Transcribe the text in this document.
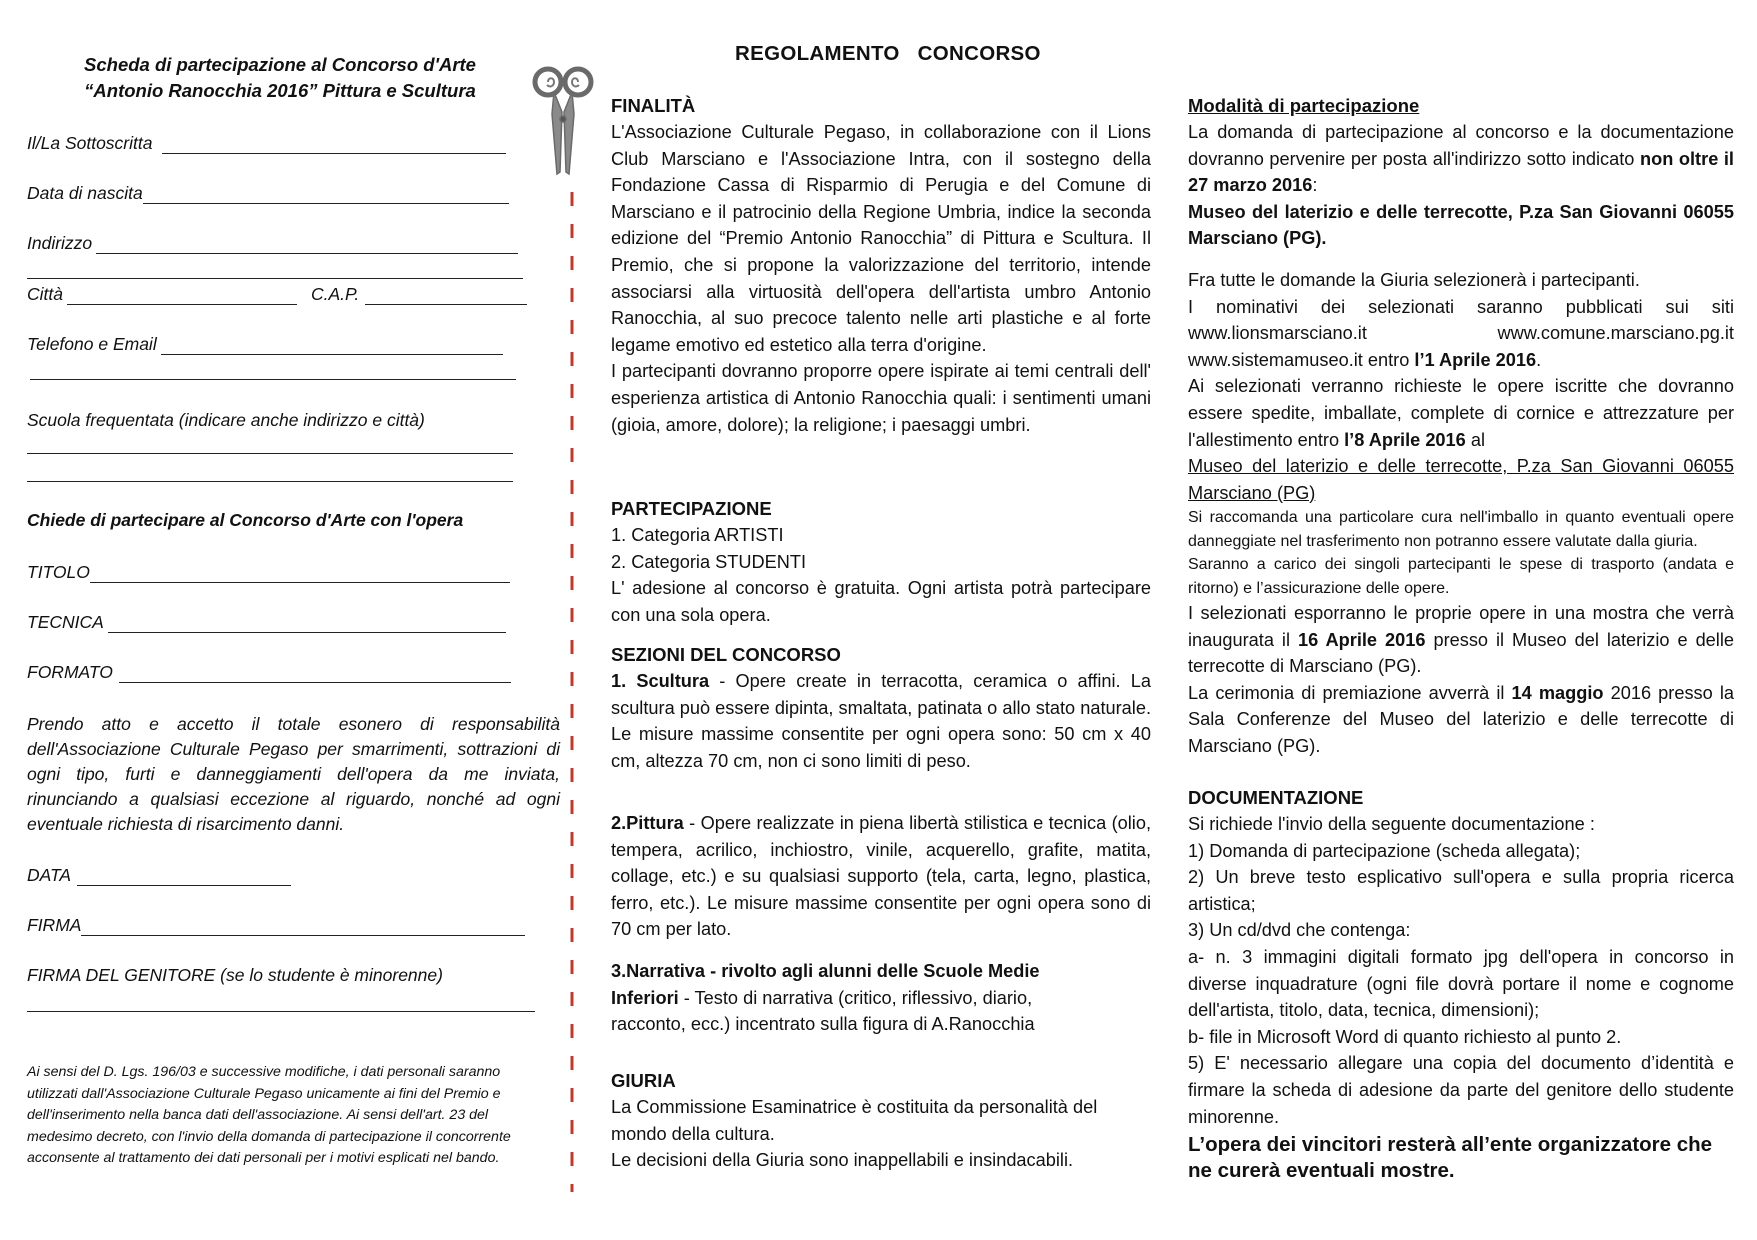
Scheda di partecipazione al Concorso d'Arte
“Antonio Ranocchia 2016” Pittura e Scultura
Il/La Sottoscritta
Data di nascita
Indirizzo
Città	C.A.P.
Telefono e Email
Scuola frequentata (indicare anche indirizzo e città)
Chiede di partecipare al Concorso d'Arte con l'opera
TITOLO
TECNICA
FORMATO
Prendo atto e accetto il totale esonero di responsabilità dell'Associazione Culturale Pegaso per smarrimenti, sottrazioni di ogni tipo, furti e danneggiamenti dell'opera da me inviata, rinunciando a qualsiasi eccezione al riguardo, nonché ad ogni eventuale richiesta di risarcimento danni.
DATA
FIRMA
FIRMA DEL GENITORE (se lo studente è minorenne)
Ai sensi del D. Lgs. 196/03 e successive modifiche, i dati personali saranno utilizzati dall'Associazione Culturale Pegaso unicamente ai fini del Premio e dell'inserimento nella banca dati dell'associazione. Ai sensi dell'art. 23 del medesimo decreto, con l'invio della domanda di partecipazione il concorrente acconsente al trattamento dei dati personali per i motivi esplicati nel bando.
REGOLAMENTO   CONCORSO

FINALITÀ

L'Associazione Culturale Pegaso, in collaborazione con il Lions Club Marsciano e l'Associazione Intra, con il sostegno della Fondazione Cassa di Risparmio di Perugia e del Comune di Marsciano e il patrocinio della Regione Umbria, indice la seconda edizione del “Premio Antonio Ranocchia” di Pittura e Scultura. Il Premio, che si propone la valorizzazione del territorio, intende associarsi alla virtuosità dell'opera dell'artista umbro Antonio Ranocchia, al suo precoce talento nelle arti plastiche e al forte legame emotivo ed estetico alla terra d'origine.

I partecipanti dovranno proporre opere ispirate ai temi centrali dell' esperienza artistica di Antonio Ranocchia quali: i sentimenti umani (gioia, amore, dolore); la religione; i paesaggi umbri.

PARTECIPAZIONE

1. Categoria ARTISTI

2. Categoria STUDENTI

L' adesione al concorso è gratuita. Ogni artista potrà partecipare con una sola opera.

SEZIONI DEL CONCORSO

1. Scultura - Opere create in terracotta, ceramica o affini. La scultura può essere dipinta, smaltata, patinata o allo stato naturale. Le misure massime consentite per ogni opera sono: 50 cm x 40 cm, altezza 70 cm, non ci sono limiti di peso.

2.Pittura - Opere realizzate in piena libertà stilistica e tecnica (olio, tempera, acrilico, inchiostro, vinile, acquerello, grafite, matita, collage, etc.) e su qualsiasi supporto (tela, carta, legno, plastica, ferro, etc.). Le misure massime consentite per ogni opera sono di 70 cm per lato.

3.Narrativa - rivolto agli alunni delle Scuole Medie Inferiori - Testo di narrativa (critico, riflessivo, diario, racconto, ecc.) incentrato sulla figura di A.Ranocchia

GIURIA

La Commissione Esaminatrice è costituita da personalità del mondo della cultura.

Le decisioni della Giuria sono inappellabili e insindacabili.

Modalità di partecipazione

La domanda di partecipazione al concorso e la documentazione dovranno pervenire per posta all'indirizzo sotto indicato non oltre il 27 marzo 2016:

Museo del laterizio e delle terrecotte, P.za San Giovanni 06055 Marsciano (PG).

Fra tutte le domande la Giuria selezionerà i partecipanti.

I nominativi dei selezionati saranno pubblicati sui siti www.lionsmarsciano.it www.comune.marsciano.pg.it www.sistemamuseo.it entro l’1 Aprile 2016.

Ai selezionati verranno richieste le opere iscritte che dovranno essere spedite, imballate, complete di cornice e attrezzature per l'allestimento entro l’8 Aprile 2016 al

Museo del laterizio e delle terrecotte, P.za San Giovanni 06055 Marsciano (PG)

Si raccomanda una particolare cura nell'imballo in quanto eventuali opere danneggiate nel trasferimento non potranno essere valutate dalla giuria.

Saranno a carico dei singoli partecipanti le spese di trasporto (andata e ritorno) e l’assicurazione delle opere.

I selezionati esporranno le proprie opere in una mostra che verrà inaugurata il 16 Aprile 2016 presso il Museo del laterizio e delle terrecotte di Marsciano (PG).

La cerimonia di premiazione avverrà il 14 maggio 2016 presso la Sala Conferenze del Museo del laterizio e delle terrecotte di Marsciano (PG).

DOCUMENTAZIONE

Si richiede l'invio della seguente documentazione :

1) Domanda di partecipazione (scheda allegata);

2) Un breve testo esplicativo sull'opera e sulla propria ricerca artistica;

3) Un cd/dvd che contenga:

a- n. 3 immagini digitali formato jpg dell'opera in concorso in diverse inquadrature (ogni file dovrà portare il nome e cognome dell'artista, titolo, data, tecnica, dimensioni);

b- file in Microsoft Word di quanto richiesto al punto 2.

5) E' necessario allegare una copia del documento d’identità e firmare la scheda di adesione da parte del genitore dello studente minorenne.

L’opera dei vincitori resterà all’ente organizzatore che ne curerà eventuali mostre.
